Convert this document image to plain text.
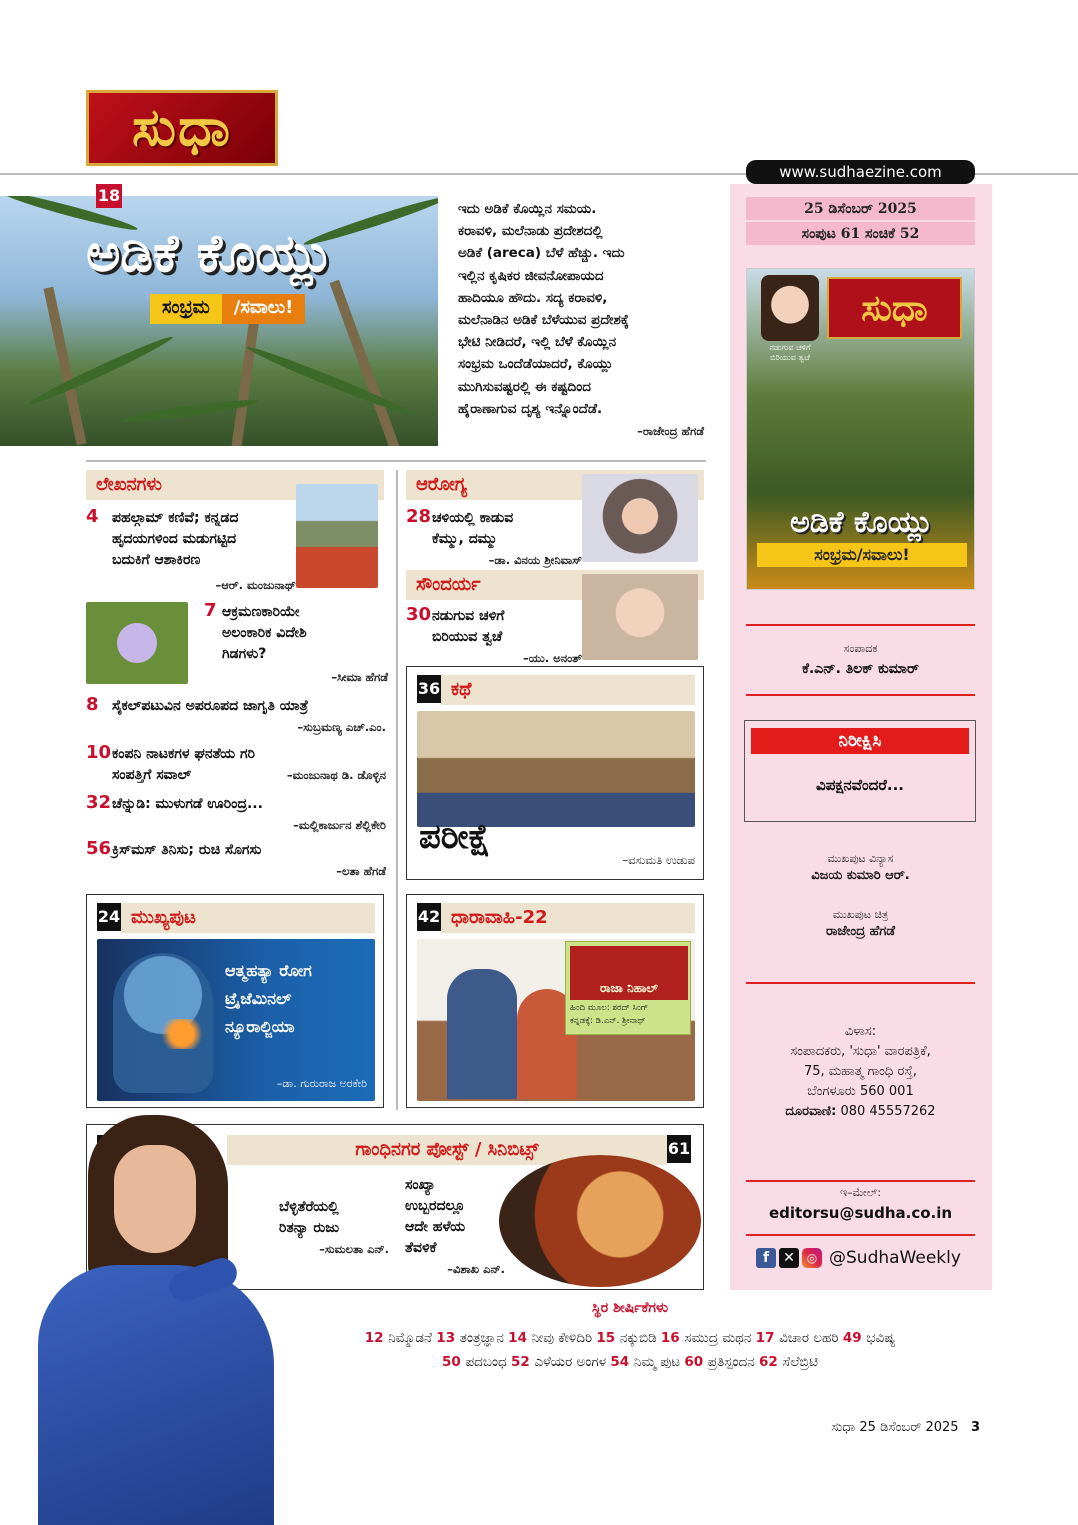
ಸುಧಾ
www.sudhaezine.com
25 ಡಿಸೆಂಬರ್ 2025
ಸಂಪುಟ 61 ಸಂಚಿಕೆ 52
ನಡುಗುವ ಚಳಿಗೆ ಬಿರಿಯುವ ತ್ವಚೆ
ಸುಧಾ
ಅಡಿಕೆ ಕೊಯ್ಲು
ಸಂಭ್ರಮ/ಸವಾಲು!
ಸಂಪಾದಕ
ಕೆ.ಎನ್. ತಿಲಕ್ ಕುಮಾರ್
ನಿರೀಕ್ಷಿಸಿ
ವಿಪಕ್ಷನವೆಂದರೆ...
ಮುಖಪುಟ ವಿನ್ಯಾಸ
ವಿಜಯ ಕುಮಾರಿ ಆರ್.
ಮುಖಪುಟ ಚಿತ್ರ
ರಾಜೇಂದ್ರ ಹೆಗಡೆ
ವಿಳಾಸ:
ಸಂಪಾದಕರು, 'ಸುಧಾ' ವಾರಪತ್ರಿಕೆ,
75, ಮಹಾತ್ಮ ಗಾಂಧಿ ರಸ್ತೆ,
ಬೆಂಗಳೂರು 560 001
ದೂರವಾಣಿ: 080 45557262
ಇ–ಮೇಲ್:
editorsu@sudha.co.in
f	✕ ◎ @SudhaWeekly
18
ಅಡಿಕೆ ಕೊಯ್ಲು
ಸಂಭ್ರಮ	/ಸವಾಲು!
ಇದು ಅಡಿಕೆ ಕೊಯ್ಲಿನ ಸಮಯ.
ಕರಾವಳಿ, ಮಲೆನಾಡು ಪ್ರದೇಶದಲ್ಲಿ
ಅಡಿಕೆ (areca) ಬೆಳೆ ಹೆಚ್ಚು. ಇದು
ಇಲ್ಲಿನ ಕೃಷಿಕರ ಜೀವನೋಪಾಯದ
ಹಾದಿಯೂ ಹೌದು. ಸದ್ಯ ಕರಾವಳಿ,
ಮಲೆನಾಡಿನ ಅಡಿಕೆ ಬೆಳೆಯುವ ಪ್ರದೇಶಕ್ಕೆ
ಭೇಟಿ ನೀಡಿದರೆ, ಇಲ್ಲಿ ಬೆಳೆ ಕೊಯ್ಲಿನ
ಸಂಭ್ರಮ ಒಂದೆಡೆಯಾದರೆ, ಕೊಯ್ಲು
ಮುಗಿಸುವಷ್ಟರಲ್ಲಿ ಈ ಕಷ್ಟದಿಂದ
ಹೈರಾಣಾಗುವ ದೃಶ್ಯ ಇನ್ನೊಂದೆಡೆ.
–ರಾಜೇಂದ್ರ ಹೆಗಡೆ
ಲೇಖನಗಳು
4 ಪಹಲ್ಗಾಮ್ ಕಣಿವೆ; ಕನ್ನಡದ
ಹೃದಯಗಳಿಂದ ಮಡುಗಟ್ಟಿದ
ಬದುಕಿಗೆ ಆಶಾಕಿರಣ
–ಆರ್. ಮಂಜುನಾಥ್
7 ಆಕ್ರಮಣಕಾರಿಯೇ
ಅಲಂಕಾರಿಕ ವಿದೇಶಿ
ಗಿಡಗಳು?
–ಸೀಮಾ ಹೆಗಡೆ
8 ಸೈಕಲ್‌ಪಟುವಿನ ಅಪರೂಪದ ಜಾಗೃತಿ ಯಾತ್ರೆ
–ಸುಬ್ರಮಣ್ಯ ಎಚ್.ಎಂ.
10ಕಂಪನಿ ನಾಟಕಗಳ ಘನತೆಯ ಗರಿ
ಸಂಪತ್ತಿಗೆ ಸವಾಲ್	–ಮಂಜುನಾಥ ಡಿ. ಡೊಳ್ಳಿನ
32ಚೆನ್ನುಡಿ: ಮುಳುಗಡೆ ಊರಿಂದ್ರ...
–ಮಲ್ಲಿಕಾರ್ಜುನ ಶೆಲ್ಲಿಕೇರಿ
56ಕ್ರಿಸ್‌ಮಸ್ ತಿನಿಸು; ರುಚಿ ಸೊಗಸು
–ಲತಾ ಹೆಗಡೆ
ಆರೋಗ್ಯ
28ಚಳಿಯಲ್ಲಿ ಕಾಡುವ
ಕೆಮ್ಮು, ದಮ್ಮು
–ಡಾ. ವಿನಯ ಶ್ರೀನಿವಾಸ್
ಸೌಂದರ್ಯ
30ನಡುಗುವ ಚಳಿಗೆ
ಬಿರಿಯುವ ತ್ವಚೆ
–ಯು. ಅನಂತ್
36 ಕಥೆ
ಪರೀಕ್ಷೆ
–ವಸುಮತಿ ಉಡುಪ
24 ಮುಖ್ಯಪುಟ
ಆತ್ಮಹತ್ಯಾ ರೋಗ
ಟ್ರೈಜೆಮಿನಲ್
ನ್ಯೂರಾಲ್ಜಿಯಾ
–ಡಾ. ಗುರುರಾಜ ಅರಕೇರಿ
42 ಧಾರಾವಾಹಿ-22
ರಾಜಾ ನಿಹಾಲ್
ಹಿಂದಿ ಮೂಲ: ಶರದ್ ಸಿಂಗ್
ಕನ್ನಡಕ್ಕೆ: ಡಿ.ಎನ್. ಶ್ರೀನಾಥ್
61
ಗಾಂಧಿನಗರ ಪೋಸ್ಟ್ / ಸಿನಿಬಿಟ್ಸ್
ಬೆಳ್ಳಿತೆರೆಯಲ್ಲಿ
ರಿತನ್ಯಾ ರುಜು
–ಸುಮಲತಾ ಎನ್.
ಸಂಖ್ಯಾ
ಉಬ್ಬರದಲ್ಲೂ
ಆದೇ ಹಳೆಯ
ತೆವಳಿಕೆ
–ವಿಶಾಖ ಎನ್.
ಸ್ಥಿರ ಶೀರ್ಷಿಕೆಗಳು
12 ನಿಮ್ಮೊಡನೆ 13 ತಂತ್ರಜ್ಞಾನ 14 ನೀವು ಕೇಳಿದಿರಿ 15 ನಕ್ಕುಬಿಡಿ 16 ಸಮುದ್ರ ಮಥನ 17 ವಿಚಾರ ಲಹರಿ 49 ಭವಿಷ್ಯ
50 ಪದಬಂಧ 52 ಎಳೆಯರ ಅಂಗಳ 54 ನಿಮ್ಮ ಪುಟ 60 ಪ್ರತಿಸ್ಪಂದನ 62 ಸೆಲೆಬ್ರಿಟಿ
ಸುಧಾ 25 ಡಿಸೆಂಬರ್ 2025 3
